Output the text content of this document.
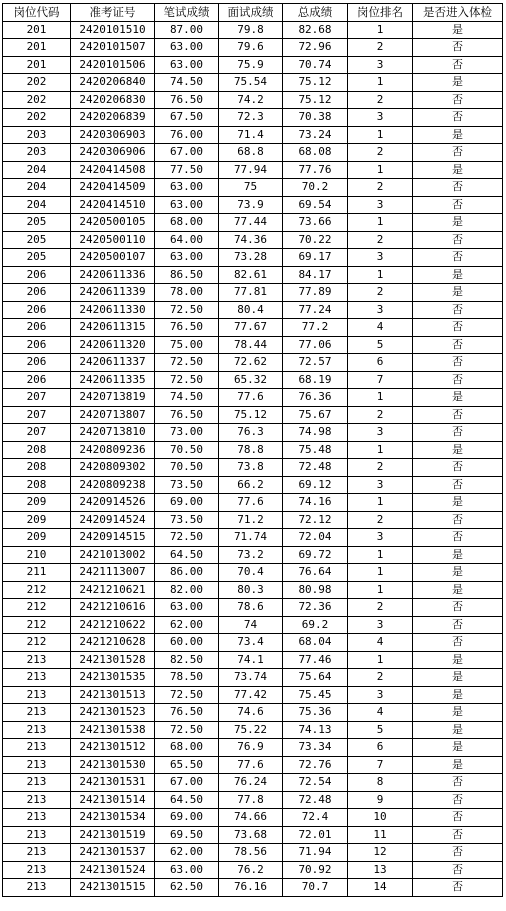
岗位代码	准考证号	笔试成绩	面试成绩	总成绩	岗位排名	是否进入体检
201	2420101510	87.00	79.8	82.68	1	是
201	2420101507	63.00	79.6	72.96	2	否
201	2420101506	63.00	75.9	70.74	3	否
202	2420206840	74.50	75.54	75.12	1	是
202	2420206830	76.50	74.2	75.12	2	否
202	2420206839	67.50	72.3	70.38	3	否
203	2420306903	76.00	71.4	73.24	1	是
203	2420306906	67.00	68.8	68.08	2	否
204	2420414508	77.50	77.94	77.76	1	是
204	2420414509	63.00	75	70.2	2	否
204	2420414510	63.00	73.9	69.54	3	否
205	2420500105	68.00	77.44	73.66	1	是
205	2420500110	64.00	74.36	70.22	2	否
205	2420500107	63.00	73.28	69.17	3	否
206	2420611336	86.50	82.61	84.17	1	是
206	2420611339	78.00	77.81	77.89	2	是
206	2420611330	72.50	80.4	77.24	3	否
206	2420611315	76.50	77.67	77.2	4	否
206	2420611320	75.00	78.44	77.06	5	否
206	2420611337	72.50	72.62	72.57	6	否
206	2420611335	72.50	65.32	68.19	7	否
207	2420713819	74.50	77.6	76.36	1	是
207	2420713807	76.50	75.12	75.67	2	否
207	2420713810	73.00	76.3	74.98	3	否
208	2420809236	70.50	78.8	75.48	1	是
208	2420809302	70.50	73.8	72.48	2	否
208	2420809238	73.50	66.2	69.12	3	否
209	2420914526	69.00	77.6	74.16	1	是
209	2420914524	73.50	71.2	72.12	2	否
209	2420914515	72.50	71.74	72.04	3	否
210	2421013002	64.50	73.2	69.72	1	是
211	2421113007	86.00	70.4	76.64	1	是
212	2421210621	82.00	80.3	80.98	1	是
212	2421210616	63.00	78.6	72.36	2	否
212	2421210622	62.00	74	69.2	3	否
212	2421210628	60.00	73.4	68.04	4	否
213	2421301528	82.50	74.1	77.46	1	是
213	2421301535	78.50	73.74	75.64	2	是
213	2421301513	72.50	77.42	75.45	3	是
213	2421301523	76.50	74.6	75.36	4	是
213	2421301538	72.50	75.22	74.13	5	是
213	2421301512	68.00	76.9	73.34	6	是
213	2421301530	65.50	77.6	72.76	7	是
213	2421301531	67.00	76.24	72.54	8	否
213	2421301514	64.50	77.8	72.48	9	否
213	2421301534	69.00	74.66	72.4	10	否
213	2421301519	69.50	73.68	72.01	11	否
213	2421301537	62.00	78.56	71.94	12	否
213	2421301524	63.00	76.2	70.92	13	否
213	2421301515	62.50	76.16	70.7	14	否
